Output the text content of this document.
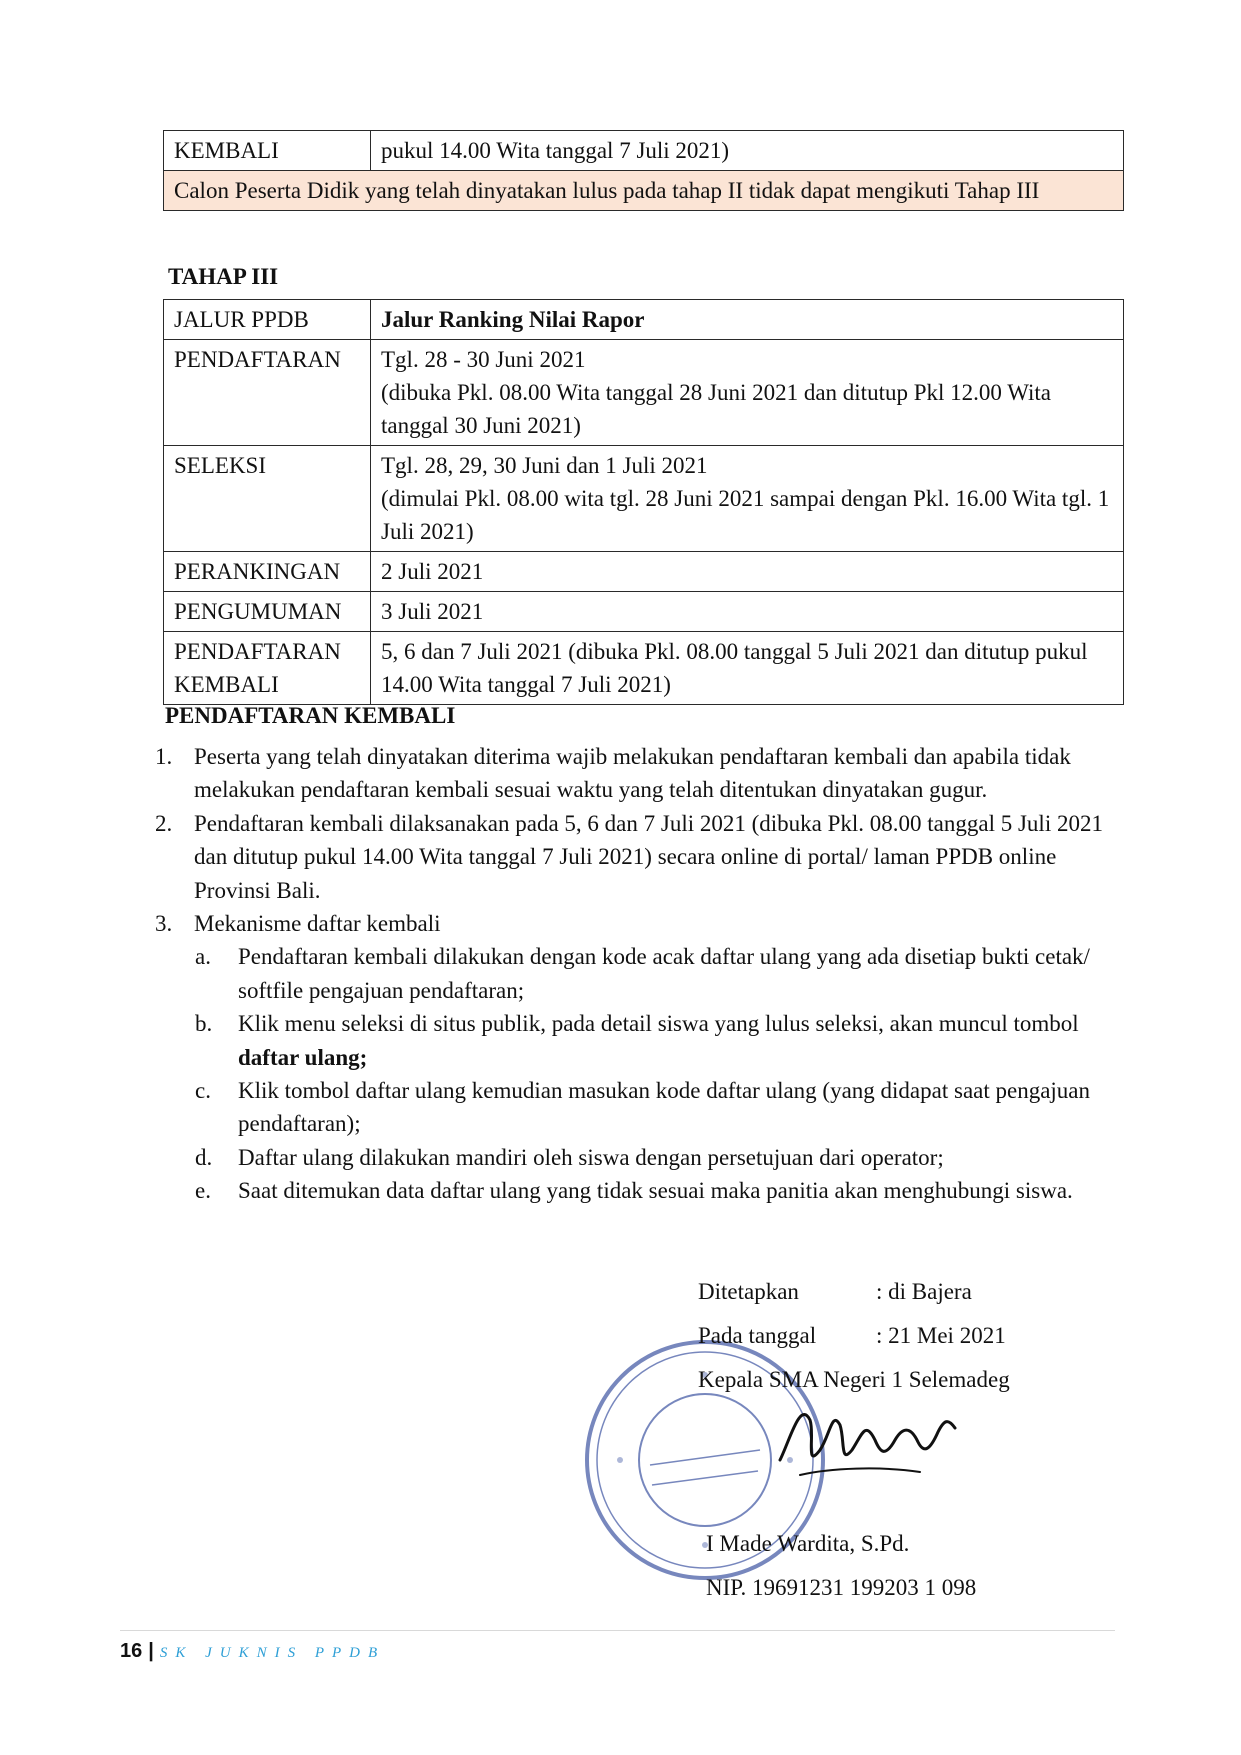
KEMBALI	pukul 14.00 Wita tanggal 7 Juli 2021)
Calon Peserta Didik yang telah dinyatakan lulus pada tahap II tidak dapat mengikuti Tahap III
TAHAP III
JALUR PPDB	Jalur Ranking Nilai Rapor
PENDAFTARAN	Tgl. 28 - 30 Juni 2021
(dibuka Pkl. 08.00 Wita tanggal 28 Juni 2021 dan ditutup Pkl 12.00 Wita tanggal 30 Juni 2021)

SELEKSI	Tgl. 28, 29, 30 Juni dan 1 Juli 2021
(dimulai Pkl. 08.00 wita tgl. 28 Juni 2021 sampai dengan Pkl. 16.00 Wita tgl. 1 Juli 2021)

PERANKINGAN	2 Juli 2021
PENGUMUMAN	3 Juli 2021

PENDAFTARAN
KEMBALI	5, 6 dan 7 Juli 2021 (dibuka Pkl. 08.00 tanggal 5 Juli 2021 dan ditutup pukul 14.00 Wita tanggal 7 Juli 2021)
PENDAFTARAN KEMBALI
1. Peserta yang telah dinyatakan diterima wajib melakukan pendaftaran kembali dan apabila tidak melakukan pendaftaran kembali sesuai waktu yang telah ditentukan dinyatakan gugur.
2. Pendaftaran kembali dilaksanakan pada 5, 6 dan 7 Juli 2021 (dibuka Pkl. 08.00 tanggal 5 Juli 2021 dan ditutup pukul 14.00 Wita tanggal 7 Juli 2021) secara online di portal/ laman PPDB online Provinsi Bali.
3. Mekanisme daftar kembali
a. Pendaftaran kembali dilakukan dengan kode acak daftar ulang yang ada disetiap bukti cetak/ softfile pengajuan pendaftaran;
b. Klik menu seleksi di situs publik, pada detail siswa yang lulus seleksi, akan muncul tombol daftar ulang;
c. Klik tombol daftar ulang kemudian masukan kode daftar ulang (yang didapat saat pengajuan pendaftaran);
d. Daftar ulang dilakukan mandiri oleh siswa dengan persetujuan dari operator;
e. Saat ditemukan data daftar ulang yang tidak sesuai maka panitia akan menghubungi siswa.
Ditetapkan	: di Bajera
Pada tanggal	: 21 Mei 2021
Kepala SMA Negeri 1 Selemadeg
I Made Wardita, S.Pd.
NIP. 19691231 199203 1 098
16 | SK JUKNIS PPDB
